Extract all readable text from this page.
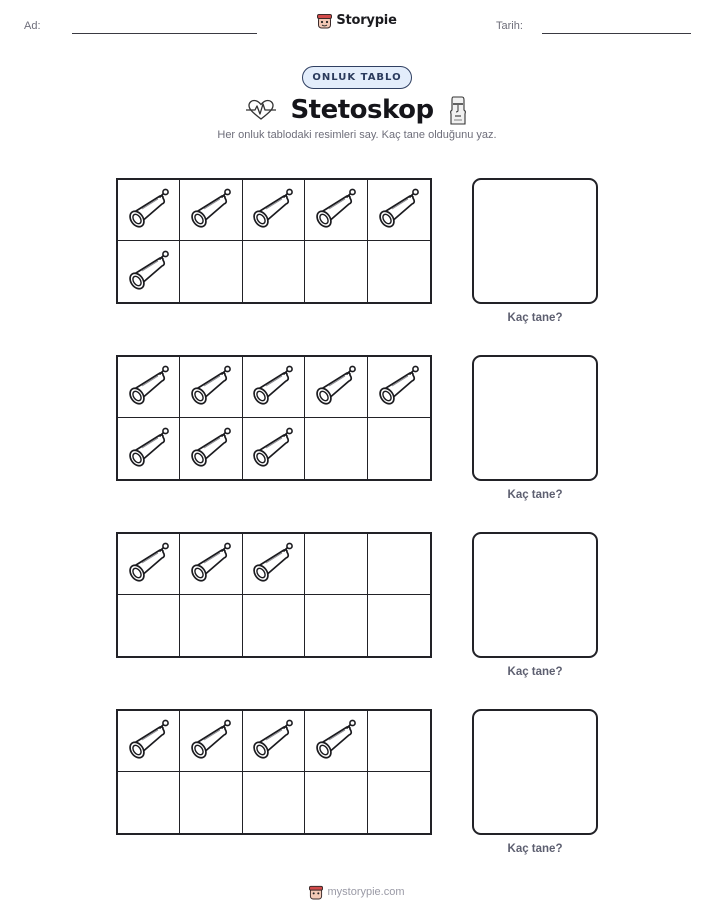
Ad:	Storypie	Tarih:
ONLUK TABLO
Stetoskop
Her onluk tablodaki resimleri say. Kaç tane olduğunu yaz.
Kaç tane?
Kaç tane?
Kaç tane?
Kaç tane?
mystorypie.com
